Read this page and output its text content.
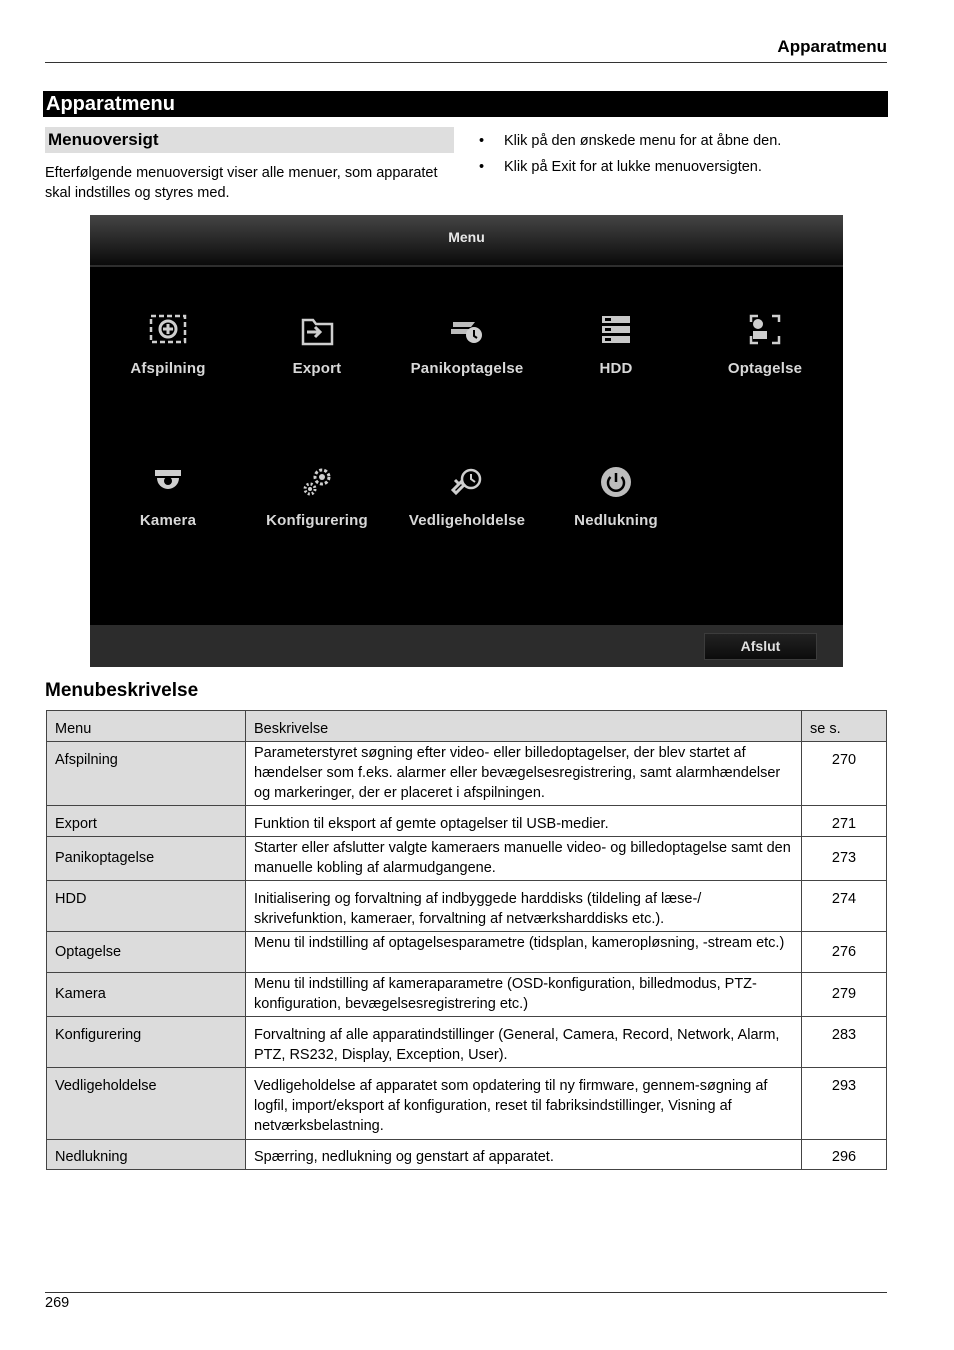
Apparatmenu
Apparatmenu
Menuoversigt
Efterfølgende menuoversigt viser alle menuer, som apparatet skal indstilles og styres med.
• Klik på den ønskede menu for at åbne den.
• Klik på Exit for at lukke menuoversigten.
Menu
Afspilning	Export	Panikoptagelse	HDD	Optagelse
Kamera	Konfigurering	Vedligeholdelse	Nedlukning
Afslut
Menubeskrivelse
Menu	Beskrivelse	se s.
Afspilning	Parameterstyret søgning efter video- eller billedoptagelser, der blev startet af hændelser som f.eks. alarmer eller bevægelsesregistrering, samt alarmhændelser og markeringer, der er placeret i afspilningen.	270
Export	Funktion til eksport af gemte optagelser til USB-medier.	271
Panikoptagelse	Starter eller afslutter valgte kameraers manuelle video- og billedoptagelse samt den manuelle kobling af alarmudgangene.	273
HDD	Initialisering og forvaltning af indbyggede harddisks (tildeling af læse-/ skrivefunktion, kameraer, forvaltning af netværksharddisks etc.).	274
Optagelse	Menu til indstilling af optagelsesparametre (tidsplan, kameropløsning, -stream etc.)	276
Kamera	Menu til indstilling af kameraparametre (OSD-konfiguration, billedmodus, PTZ-konfiguration, bevægelsesregistrering etc.)	279
Konfigurering	Forvaltning af alle apparatindstillinger (General, Camera, Record, Network, Alarm, PTZ, RS232, Display, Exception, User).	283
Vedligeholdelse	Vedligeholdelse af apparatet som opdatering til ny firmware, gennem-søgning af logfil, import/eksport af konfiguration, reset til fabriksindstillinger, Visning af netværksbelastning.	293
Nedlukning	Spærring, nedlukning og genstart af apparatet.	296
269
